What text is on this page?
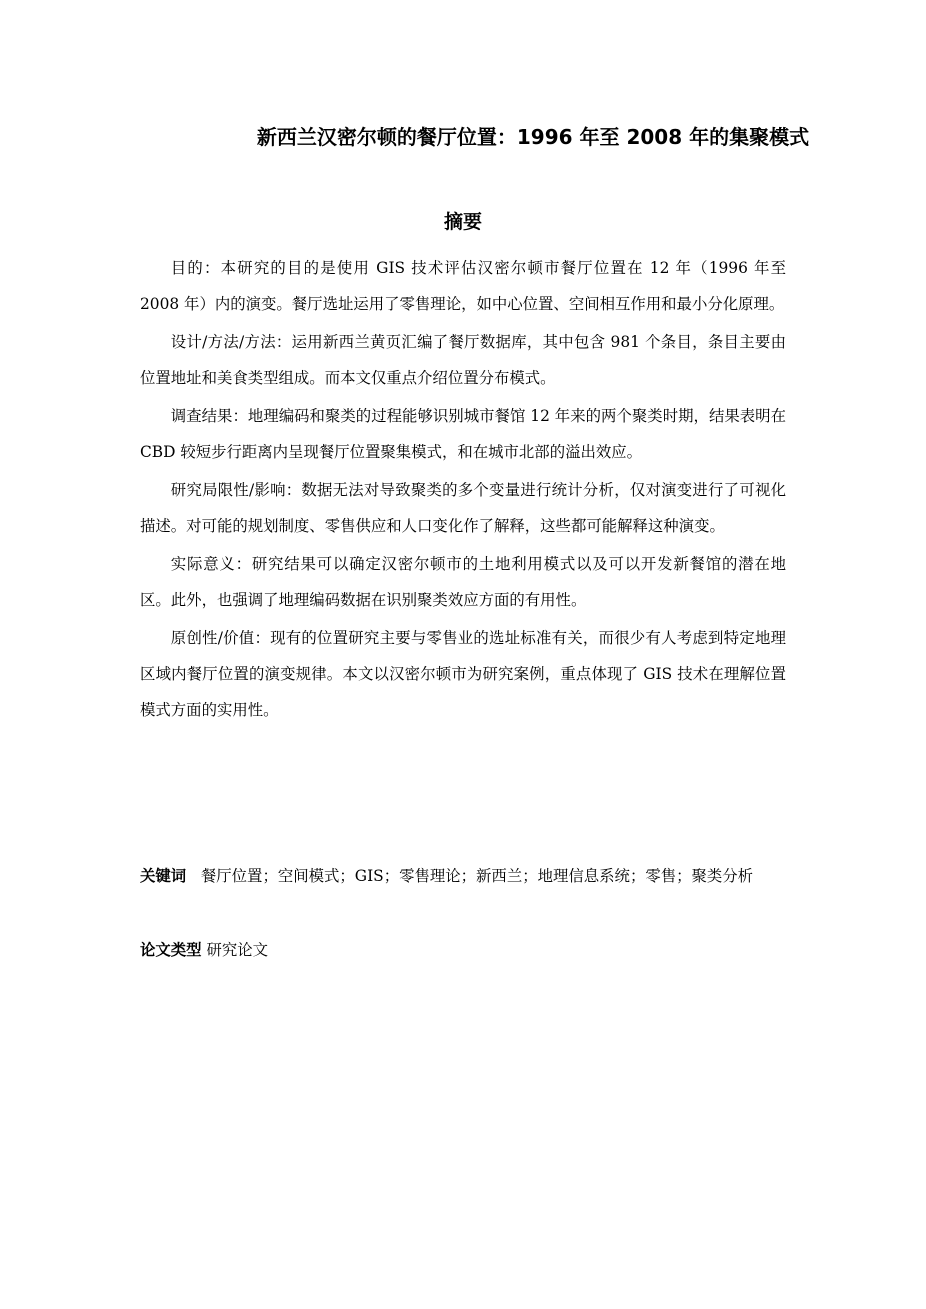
新西兰汉密尔顿的餐厅位置：1996 年至 2008 年的集聚模式
摘要

目的：本研究的目的是使用 GIS 技术评估汉密尔顿市餐厅位置在 12 年（1996 年至 2008 年）内的演变。餐厅选址运用了零售理论，如中心位置、空间相互作用和最小分化原理。

设计/方法/方法：运用新西兰黄页汇编了餐厅数据库，其中包含 981 个条目，条目主要由位置地址和美食类型组成。而本文仅重点介绍位置分布模式。

调查结果：地理编码和聚类的过程能够识别城市餐馆 12 年来的两个聚类时期，结果表明在 CBD 较短步行距离内呈现餐厅位置聚集模式，和在城市北部的溢出效应。

研究局限性/影响：数据无法对导致聚类的多个变量进行统计分析，仅对演变进行了可视化描述。对可能的规划制度、零售供应和人口变化作了解释，这些都可能解释这种演变。

实际意义：研究结果可以确定汉密尔顿市的土地利用模式以及可以开发新餐馆的潜在地区。此外，也强调了地理编码数据在识别聚类效应方面的有用性。

原创性/价值：现有的位置研究主要与零售业的选址标准有关，而很少有人考虑到特定地理区域内餐厅位置的演变规律。本文以汉密尔顿市为研究案例，重点体现了 GIS 技术在理解位置模式方面的实用性。

关键词 餐厅位置；空间模式；GIS；零售理论；新西兰；地理信息系统；零售；聚类分析

论文类型 研究论文
